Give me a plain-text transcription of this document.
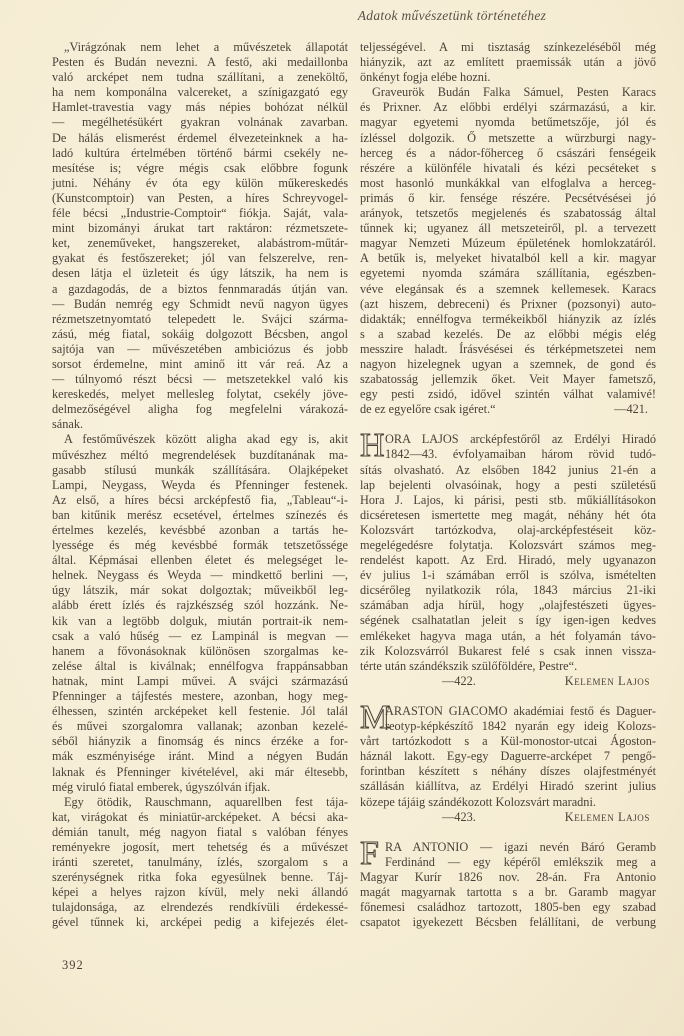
Adatok művészetünk történetéhez
„Virágzónak nem lehet a művészetek állapotát
Pesten és Budán nevezni. A festő, aki medaillonba
való arcképet nem tudna szállítani, a zeneköltő,
ha nem komponálna valcereket, a színigazgató egy
Hamlet-travestia vagy más népies bohózat nélkül
— megélhetésükért gyakran volnának zavarban.
De hálás elismerést érdemel élvezeteinknek a ha-
ladó kultúra értelmében történő bármi csekély ne-
mesítése is; végre mégis csak előbbre fogunk
jutni. Néhány év óta egy külön műkereskedés
(Kunstcomptoir) van Pesten, a híres Schreyvogel-
féle bécsi „Industrie-Comptoir“ fiókja. Saját, vala-
mint bizományi árukat tart raktáron: rézmetszete-
ket, zeneműveket, hangszereket, alabástrom-műtár-
gyakat és festőszereket; jól van felszerelve, ren-
desen látja el üzleteit és úgy látszik, ha nem is
a gazdagodás, de a biztos fennmaradás útján van.
— Budán nemrég egy Schmidt nevű nagyon ügyes
rézmetszetnyomtató telepedett le. Svájci szárma-
zású, még fiatal, sokáig dolgozott Bécsben, angol
sajtója van — művészetében ambiciózus és jobb
sorsot érdemelne, mint aminő itt vár reá. Az a
— túlnyomó részt bécsi — metszetekkel való kis
kereskedés, melyet mellesleg folytat, csekély jöve-
delmezőségével aligha fog megfelelni várakozá-
sának.
A festőművészek között aligha akad egy is, akit
művészhez méltó megrendelések buzdítanának ma-
gasabb stílusú munkák szállítására. Olajképeket
Lampi, Neygass, Weyda és Pfenninger festenek.
Az első, a híres bécsi arcképfestő fia, „Tableau“-i-
ban kitűnik merész ecsetével, értelmes színezés és
értelmes kezelés, kevésbbé azonban a tartás he-
lyessége és még kevésbbé formák tetszetőssége
által. Képmásai ellenben életet és melegséget le-
helnek. Neygass és Weyda — mindkettő berlini —,
úgy látszik, már sokat dolgoztak; műveikből leg-
alább érett ízlés és rajzkészség szól hozzánk. Ne-
kik van a legtöbb dolguk, miután portrait-ik nem-
csak a való hűség — ez Lampinál is megvan —
hanem a fővonásoknak különösen szorgalmas ke-
zelése által is kiválnak; ennélfogva frappánsabban
hatnak, mint Lampi művei. A svájci származású
Pfenninger a tájfestés mestere, azonban, hogy meg-
élhessen, szintén arcképeket kell festenie. Jól talál
és művei szorgalomra vallanak; azonban kezelé-
séből hiányzik a finomság és nincs érzéke a for-
mák eszményisége iránt. Mind a négyen Budán
laknak és Pfenninger kivételével, aki már éltesebb,
még viruló fiatal emberek, úgyszólván ifjak.
Egy ötödik, Rauschmann, aquarellben fest tája-
kat, virágokat és miniatür-arcképeket. A bécsi aka-
démián tanult, még nagyon fiatal s valóban fényes
reményekre jogosít, mert tehetség és a művészet
iránti szeretet, tanulmány, ízlés, szorgalom s a
szerénységnek ritka foka egyesülnek benne. Táj-
képei a helyes rajzon kívül, mely neki állandó
tulajdonsága, az elrendezés rendkívüli érdekessé-
gével tűnnek ki, arcképei pedig a kifejezés élet-
teljességével. A mi tisztaság színkezeléséből még
hiányzik, azt az említett praemissák után a jövő
önkényt fogja elébe hozni.
Graveurök Budán Falka Sámuel, Pesten Karacs
és Prixner. Az előbbi erdélyi származású, a kir.
magyar egyetemi nyomda betűmetszője, jól és
ízléssel dolgozik. Ő metszette a würzburgi nagy-
herceg és a nádor-főherceg ő császári fenségeik
részére a különféle hivatali és kézi pecséteket s
most hasonló munkákkal van elfoglalva a herceg-
primás ő kir. fensége részére. Pecsétvésései jó
arányok, tetszetős megjelenés és szabatosság által
tűnnek ki; ugyanez áll metszeteiről, pl. a tervezett
magyar Nemzeti Múzeum épületének homlokzatáról.
A betűk is, melyeket hivatalból kell a kir. magyar
egyetemi nyomda számára szállítania, egészben-
véve elegánsak és a szemnek kellemesek. Karacs
(azt hiszem, debreceni) és Prixner (pozsonyi) auto-
didakták; ennélfogva termékeikből hiányzik az ízlés
s a szabad kezelés. De az előbbi mégis elég
messzire haladt. Írásvésései és térképmetszetei nem
nagyon hizelegnek ugyan a szemnek, de gond és
szabatosság jellemzik őket. Veit Mayer fametsző,
egy pesti zsidó, idővel szintén válhat valamivé!
de ez egyelőre csak igéret.“	—421.
H ORA LAJOS arcképfestőről az Erdélyi Hiradó
1842—43. évfolyamaiban három rövid tudó-
sítás olvasható. Az elsőben 1842 junius 21-én a
lap bejelenti olvasóinak, hogy a pesti születésű
Hora J. Lajos, ki párisi, pesti stb. műkiállításokon
dicséretesen ismertette meg magát, néhány hét óta
Kolozsvárt tartózkodva, olaj-arcképfestéseit köz-
megelégedésre folytatja. Kolozsvárt számos meg-
rendelést kapott. Az Erd. Hiradó, mely ugyanazon
év julius 1-i számában erről is szólva, ismételten
dicsérőleg nyilatkozik róla, 1843 március 21-iki
számában adja hírül, hogy „olajfestészeti ügyes-
ségének csalhatatlan jeleit s így igen-igen kedves
emlékeket hagyva maga után, a hét folyamán távo-
zik Kolozsvárról Bukarest felé s csak innen vissza-
térte után szándékszik szülőföldére, Pestre“.
—422.	Kelemen Lajos
M
ARASTON GIACOMO akadémiai festő és Daguer-
reotyp-képkészítő 1842 nyarán egy ideig Kolozs-
vårt tartózkodott s a Kül-monostor-utcai Ágoston-
háznál lakott. Egy-egy Daguerre-arcképet 7 pengő-
forintban készített s néhány díszes olajfestményét
szállásán kiállítva, az Erdélyi Hiradó szerint julius
közepe tájáig szándékozott Kolozsvárt maradni.
—423.	Kelemen Lajos
F RA ANTONIO — igazi nevén Báró Geramb
Ferdinánd — egy képéről emlékszik meg a
Magyar Kurír 1826 nov. 28-án. Fra Antonio
magát magyarnak tartotta s a br. Garamb magyar
főnemesi családhoz tartozott, 1805-ben egy szabad
csapatot igyekezett Bécsben felállítani, de verbung
392
